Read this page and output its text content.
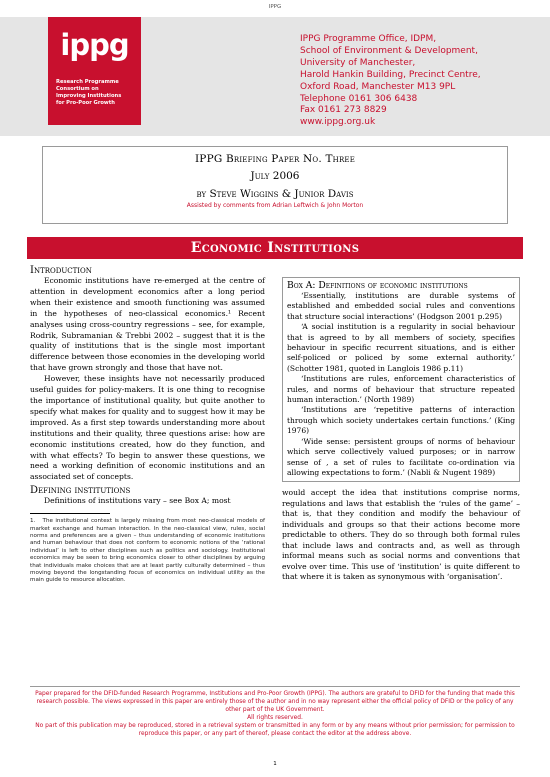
IPPG
ippg
Research Programme
Consortium on
Improving Institutions
for Pro-Poor Growth
IPPG Programme Office, IDPM,
School of Environment & Development,
University of Manchester,
Harold Hankin Building, Precinct Centre,
Oxford Road, Manchester M13 9PL
Telephone 0161 306 6438
Fax 0161 273 8829
www.ippg.org.uk
IPPG Briefing Paper No. Three
July 2006
by Steve Wiggins & Junior Davis
Assisted by comments from Adrian Leftwich & John Morton
Economic Institutions
Introduction

Economic institutions have re-emerged at the centre of attention in development economics after a long period when their existence and smooth functioning was assumed in the hypotheses of neo-classical economics.¹ Recent analyses using cross-country regressions – see, for example, Rodrik, Subramanian & Trebbi 2002 – suggest that it is the quality of institutions that is the single most important difference between those economies in the developing world that have grown strongly and those that have not.

However, these insights have not necessarily produced useful guides for policy-makers. It is one thing to recognise the importance of institutional quality, but quite another to specify what makes for quality and to suggest how it may be improved. As a first step towards understanding more about institutions and their quality, three questions arise: how are economic institutions created, how do they function, and with what effects? To begin to answer these questions, we need a working definition of economic institutions and an associated set of concepts.

Defining institutions

Definitions of institutions vary – see Box A; most

1.   The institutional context is largely missing from most neo-classical models of market exchange and human interaction. In the neo-classical view, rules, social norms and preferences are a given – thus understanding of economic institutions and human behaviour that does not conform to economic notions of the ‘rational individual’ is left to other disciplines such as politics and sociology. Institutional economics may be seen to bring economics closer to other disciplines by arguing that individuals make choices that are at least partly culturally determined – thus moving beyond the longstanding focus of economics on individual utility as the main guide to resource allocation.

Box A: Definitions of economic institutions

‘Essentially, institutions are durable systems of established and embedded social rules and conventions that structure social interactions’ (Hodgson 2001 p.295)

‘A social institution is a regularity in social behaviour that is agreed to by all members of society, specifies behaviour in specific recurrent situations, and is either self-policed or policed by some external authority.’ (Schotter 1981, quoted in Langlois 1986 p.11)

‘Institutions are rules, enforcement characteristics of rules, and norms of behaviour that structure repeated human interaction.’ (North 1989)

‘Institutions are ‘repetitive patterns of interaction through which society undertakes certain functions.’ (King 1976)

‘Wide sense: persistent groups of norms of behaviour which serve collectively valued purposes; or in narrow sense of , a set of rules to facilitate co-ordination via allowing expectations to form.’ (Nabli & Nugent 1989)

would accept the idea that institutions comprise norms, regulations and laws that establish the ‘rules of the game’ – that is, that they condition and modify the behaviour of individuals and groups so that their actions become more predictable to others. They do so through both formal rules that include laws and contracts and, as well as through informal means such as social norms and conventions that evolve over time. This use of ‘institution’ is quite different to that where it is taken as synonymous with ‘organisation’.

Paper prepared for the DFID-funded Research Programme, Institutions and Pro-Poor Growth (IPPG). The authors are grateful to DFID for the funding that made this research possible. The views expressed in this paper are entirely those of the author and in no way represent either the official policy of DFID or the policy of any other part of the UK Government.
All rights reserved.
No part of this publication may be reproduced, stored in a retrieval system or transmitted in any form or by any means without prior permission; for permission to reproduce this paper, or any part of thereof, please contact the editor at the address above.
1
